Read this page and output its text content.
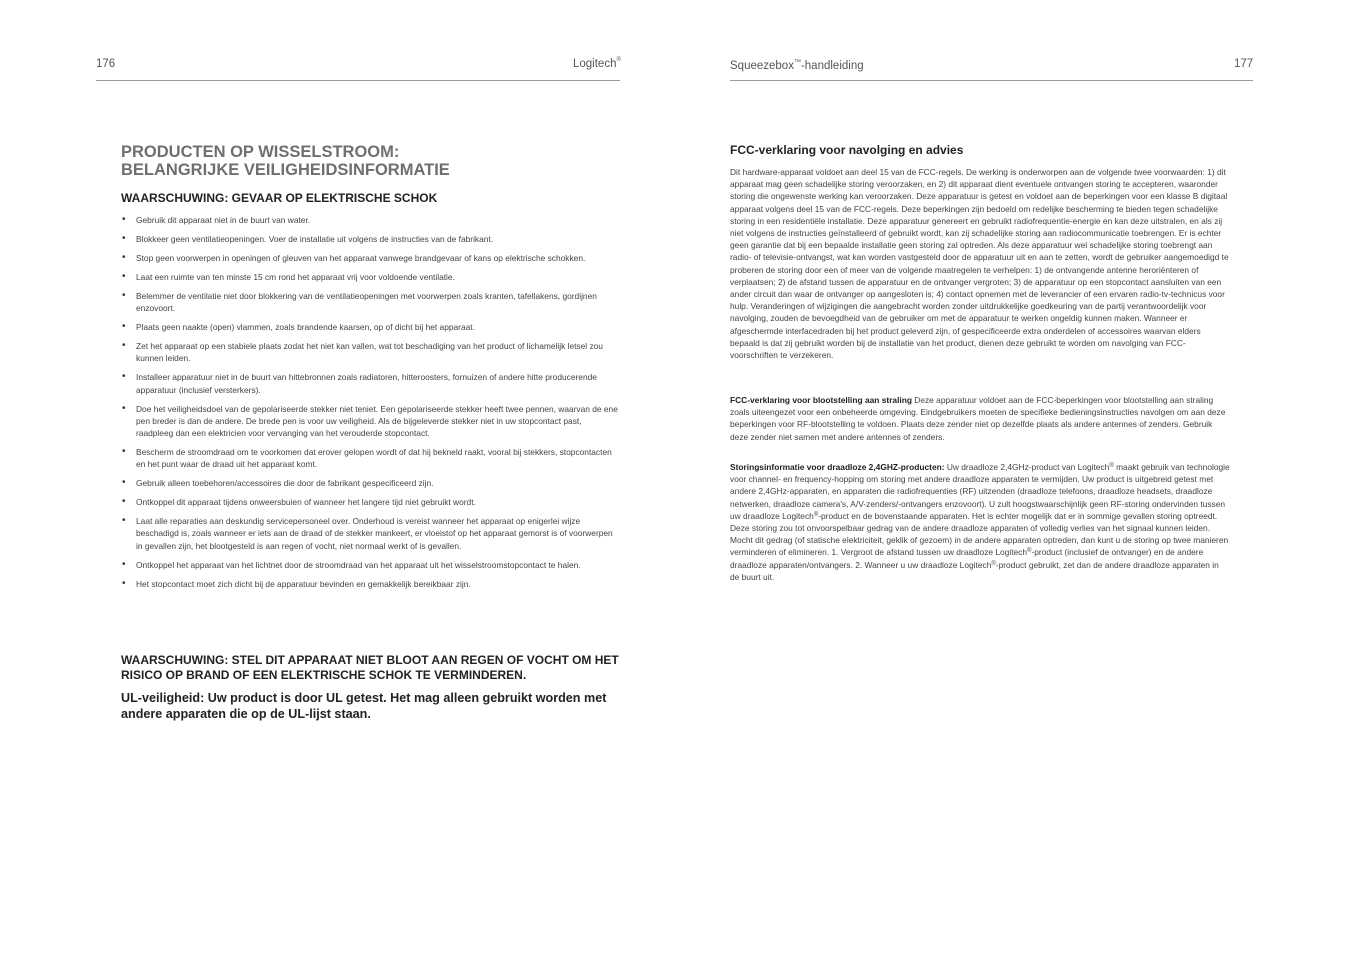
176	Logitech®
PRODUCTEN OP WISSELSTROOM:
BELANGRIJKE VEILIGHEIDSINFORMATIE
WAARSCHUWING: GEVAAR OP ELEKTRISCHE SCHOK
• Gebruik dit apparaat niet in de buurt van water.
• Blokkeer geen ventilatieopeningen. Voer de installatie uit volgens de instructies van de fabrikant.
• Stop geen voorwerpen in openingen of gleuven van het apparaat vanwege brandgevaar of kans op elektrische schokken.
• Laat een ruimte van ten minste 15 cm rond het apparaat vrij voor voldoende ventilatie.
• Belemmer de ventilatie niet door blokkering van de ventilatieopeningen met voorwerpen zoals kranten, tafellakens, gordijnen enzovoort.
• Plaats geen naakte (open) vlammen, zoals brandende kaarsen, op of dicht bij het apparaat.
• Zet het apparaat op een stabiele plaats zodat het niet kan vallen, wat tot beschadiging van het product of lichamelijk letsel zou kunnen leiden.
• Installeer apparatuur niet in de buurt van hittebronnen zoals radiatoren, hitteroosters, fornuizen of andere hitte producerende apparatuur (inclusief versterkers).
• Doe het veiligheidsdoel van de gepolariseerde stekker niet teniet. Een gepolariseerde stekker heeft twee pennen, waarvan de ene pen breder is dan de andere. De brede pen is voor uw veiligheid. Als de bijgeleverde stekker niet in uw stopcontact past, raadpleeg dan een elektricien voor vervanging van het verouderde stopcontact.
• Bescherm de stroomdraad om te voorkomen dat erover gelopen wordt of dat hij bekneld raakt, vooral bij stekkers, stopcontacten en het punt waar de draad uit het apparaat komt.
• Gebruik alleen toebehoren/accessoires die door de fabrikant gespecificeerd zijn.
• Ontkoppel dit apparaat tijdens onweersbuien of wanneer het langere tijd niet gebruikt wordt.
• Laat alle reparaties aan deskundig servicepersoneel over. Onderhoud is vereist wanneer het apparaat op enigerlei wijze beschadigd is, zoals wanneer er iets aan de draad of de stekker mankeert, er vloeistof op het apparaat gemorst is of voorwerpen in gevallen zijn, het blootgesteld is aan regen of vocht, niet normaal werkt of is gevallen.
• Ontkoppel het apparaat van het lichtnet door de stroomdraad van het apparaat uit het wisselstroomstopcontact te halen.
• Het stopcontact moet zich dicht bij de apparatuur bevinden en gemakkelijk bereikbaar zijn.
WAARSCHUWING: STEL DIT APPARAAT NIET BLOOT AAN REGEN OF VOCHT OM HET RISICO OP BRAND OF EEN ELEKTRISCHE SCHOK TE VERMINDEREN.
UL-veiligheid: Uw product is door UL getest. Het mag alleen gebruikt worden met andere apparaten die op de UL-lijst staan.
Squeezebox™-handleiding	177
FCC-verklaring voor navolging en advies

Dit hardware-apparaat voldoet aan deel 15 van de FCC-regels. De werking is onderworpen aan de volgende twee voorwaarden: 1) dit apparaat mag geen schadelijke storing veroorzaken, en 2) dit apparaat dient eventuele ontvangen storing te accepteren, waaronder storing die ongewenste werking kan veroorzaken. Deze apparatuur is getest en voldoet aan de beperkingen voor een klasse B digitaal apparaat volgens deel 15 van de FCC-regels. Deze beperkingen zijn bedoeld om redelijke bescherming te bieden tegen schadelijke storing in een residentiële installatie. Deze apparatuur genereert en gebruikt radiofrequentie-energie en kan deze uitstralen, en als zij niet volgens de instructies geïnstalleerd of gebruikt wordt, kan zij schadelijke storing aan radiocommunicatie toebrengen. Er is echter geen garantie dat bij een bepaalde installatie geen storing zal optreden. Als deze apparatuur wel schadelijke storing toebrengt aan radio- of televisie-ontvangst, wat kan worden vastgesteld door de apparatuur uit en aan te zetten, wordt de gebruiker aangemoedigd te proberen de storing door een of meer van de volgende maatregelen te verhelpen: 1) de ontvangende antenne heroriënteren of verplaatsen; 2) de afstand tussen de apparatuur en de ontvanger vergroten; 3) de apparatuur op een stopcontact aansluiten van een ander circuit dan waar de ontvanger op aangesloten is; 4) contact opnemen met de leverancier of een ervaren radio-tv-technicus voor hulp. Veranderingen of wijzigingen die aangebracht worden zonder uitdrukkelijke goedkeuring van de partij verantwoordelijk voor navolging, zouden de bevoegdheid van de gebruiker om met de apparatuur te werken ongeldig kunnen maken. Wanneer er afgeschermde interfacedraden bij het product geleverd zijn, of gespecificeerde extra onderdelen of accessoires waarvan elders bepaald is dat zij gebruikt worden bij de installatie van het product, dienen deze gebruikt te worden om navolging van FCC-voorschriften te verzekeren.

FCC-verklaring voor blootstelling aan straling Deze apparatuur voldoet aan de FCC-beperkingen voor blootstelling aan straling zoals uiteengezet voor een onbeheerde omgeving. Eindgebruikers moeten de specifieke bedieningsinstructies navolgen om aan deze beperkingen voor RF-blootstelling te voldoen. Plaats deze zender niet op dezelfde plaats als andere antennes of zenders. Gebruik deze zender niet samen met andere antennes of zenders.

Storingsinformatie voor draadloze 2,4GHZ-producten: Uw draadloze 2,4GHz-product van Logitech® maakt gebruik van technologie voor channel- en frequency-hopping om storing met andere draadloze apparaten te vermijden. Uw product is uitgebreid getest met andere 2,4GHz-apparaten, en apparaten die radiofrequenties (RF) uitzenden (draadloze telefoons, draadloze headsets, draadloze netwerken, draadloze camera's, A/V-zenders/-ontvangers enzovoort). U zult hoogstwaarschijnlijk geen RF-storing ondervinden tussen uw draadloze Logitech®-product en de bovenstaande apparaten. Het is echter mogelijk dat er in sommige gevallen storing optreedt. Deze storing zou tot onvoorspelbaar gedrag van de andere draadloze apparaten of volledig verlies van het signaal kunnen leiden. Mocht dit gedrag (of statische elektriciteit, geklik of gezoem) in de andere apparaten optreden, dan kunt u de storing op twee manieren verminderen of elimineren. 1. Vergroot de afstand tussen uw draadloze Logitech®-product (inclusief de ontvanger) en de andere draadloze apparaten/ontvangers. 2. Wanneer u uw draadloze Logitech®-product gebruikt, zet dan de andere draadloze apparaten in de buurt uit.
